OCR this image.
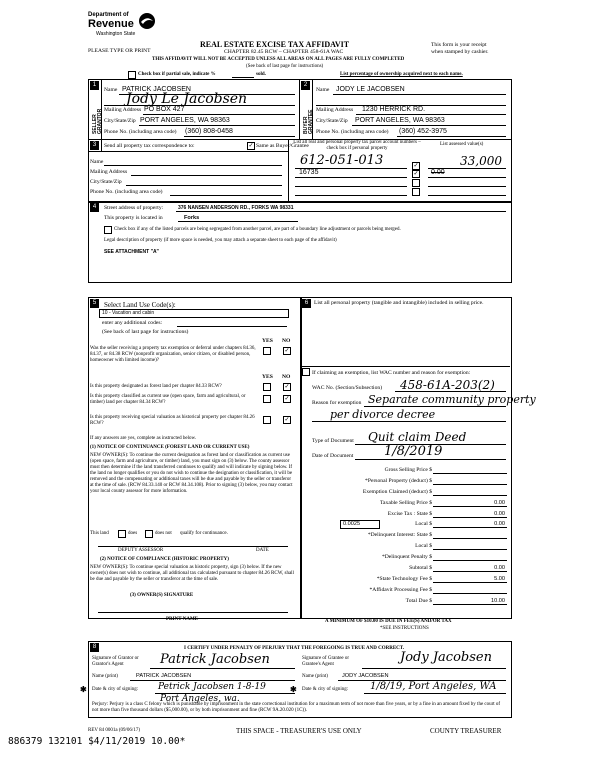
Department of
Revenue
Washington State
PLEASE TYPE OR PRINT
REAL ESTATE EXCISE TAX AFFIDAVIT
CHAPTER 82.45 RCW – CHAPTER 458-61A WAC
THIS AFFIDAVIT WILL NOT BE ACCEPTED UNLESS ALL AREAS ON ALL PAGES ARE FULLY COMPLETED
(See back of last page for instructions)
This form is your receipt
when stamped by cashier.
Check box if partial sale, indicate %	sold.	List percentage of ownership acquired next to each name.
1
SELLER GRANTOR
Name PATRICK JACOBSEN
Jody Le Jacobsen
Mailing Address PO BOX 427
City/State/Zip PORT ANGELES, WA 98363
Phone No. (including area code) (360) 808-0458
2
BUYER GRANTEE
Name JODY LE JACOBSEN
Mailing Address 1230 HERRICK RD.
City/State/Zip PORT ANGELES, WA 98363
Phone No. (including area code) (360) 452-3975
3	Send all property tax correspondence to:	✓ Same as Buyer/Grantee
Name
Mailing Address
City/State/Zip
Phone No. (including area code)
List all real and personal property tax parcel account numbers – check box if personal property
List assessed value(s)
612-051-013	✓	33,000
16735	✓ 0.00
4	Street address of property:	376 NANSEN ANDERSON RD., FORKS WA 98331
This property is located in	Forks
Check box if any of the listed parcels are being segregated from another parcel, are part of a boundary line adjustment or parcels being merged.
Legal description of property (if more space is needed, you may attach a separate sheet to each page of the affidavit)
SEE ATTACHMENT "A"
5	Select Land Use Code(s):
10 - Vacation and cabin
enter any additional codes:
(See back of last page for instructions)
YES NO
Was the seller receiving a property tax exemption or deferral under chapters 84.36, 84.37, or 84.38 RCW (nonprofit organization, senior citizen, or disabled person, homeowner with limited income)?
✓
YES NO
Is this property designated as forest land per chapter 84.33 RCW?	✓
Is this property classified as current use (open space, farm and agricultural, or timber) land per chapter 84.34 RCW?
✓
Is this property receiving special valuation as historical property per chapter 84.26 RCW?
✓
If any answers are yes, complete as instructed below.
(1) NOTICE OF CONTINUANCE (FOREST LAND OR CURRENT USE)
NEW OWNER(S): To continue the current designation as forest land or classification as current use (open space, farm and agriculture, or timber) land, you must sign on (3) below. The county assessor must then determine if the land transferred continues to qualify and will indicate by signing below. If the land no longer qualifies or you do not wish to continue the designation or classification, it will be removed and the compensating or additional taxes will be due and payable by the seller or transferor at the time of sale. (RCW 84.33.140 or RCW 84.34.108). Prior to signing (3) below, you may contact your local county assessor for more information.
This land	does	does not qualify for continuance.
DEPUTY ASSESSOR	DATE
(2) NOTICE OF COMPLIANCE (HISTORIC PROPERTY)
NEW OWNER(S): To continue special valuation as historic property, sign (3) below. If the new owner(s) does not wish to continue, all additional tax calculated pursuant to chapter 84.26 RCW, shall be due and payable by the seller or transferor at the time of sale.
(3) OWNER(S) SIGNATURE
PRINT NAME
6	List all personal property (tangible and intangible) included in selling price.
If claiming an exemption, list WAC number and reason for exemption:
WAC No. (Section/Subsection) 458-61A-203(2)
Reason for exemption Separate community property
per divorce decree
Type of Document Quit claim Deed
Date of Document 1/8/2019
Gross Selling Price $
*Personal Property (deduct) $
Exemption Claimed (deduct) $
Taxable Selling Price $	0.00
Excise Tax : State $	0.00
0.0025	Local $	0.00
*Delinquent Interest: State $
Local $
*Delinquent Penalty $
Subtotal $	0.00
*State Technology Fee $	5.00
*Affidavit Processing Fee $
Total Due $	10.00
A MINIMUM OF $10.00 IS DUE IN FEE(S) AND/OR TAX
*SEE INSTRUCTIONS
8	I CERTIFY UNDER PENALTY OF PERJURY THAT THE FOREGOING IS TRUE AND CORRECT.
Signature of Grantor or Grantor's Agent	Patrick Jacobsen	Signature of Grantee or Grantee's Agent	Jody Jacobsen
Name (print)	PATRICK JACOBSEN	Name (print)	JODY JACOBSEN
✱ Date & city of signing: Petrick Jacobsen 1-8-19
Port Angeles, wa.
✱ Date & city of signing: 1/8/19, Port Angeles, WA
Perjury: Perjury is a class C felony which is punishable by imprisonment in the state correctional institution for a maximum term of not more than five years, or by a fine in an amount fixed by the court of not more than five thousand dollars ($5,000.00), or by both imprisonment and fine (RCW 9A.20.020 (1C)).
REV 84 0001a (09/06/17)	THIS SPACE - TREASURER'S USE ONLY	COUNTY TREASURER
886379 132101 $4/11/2019 10.00*
